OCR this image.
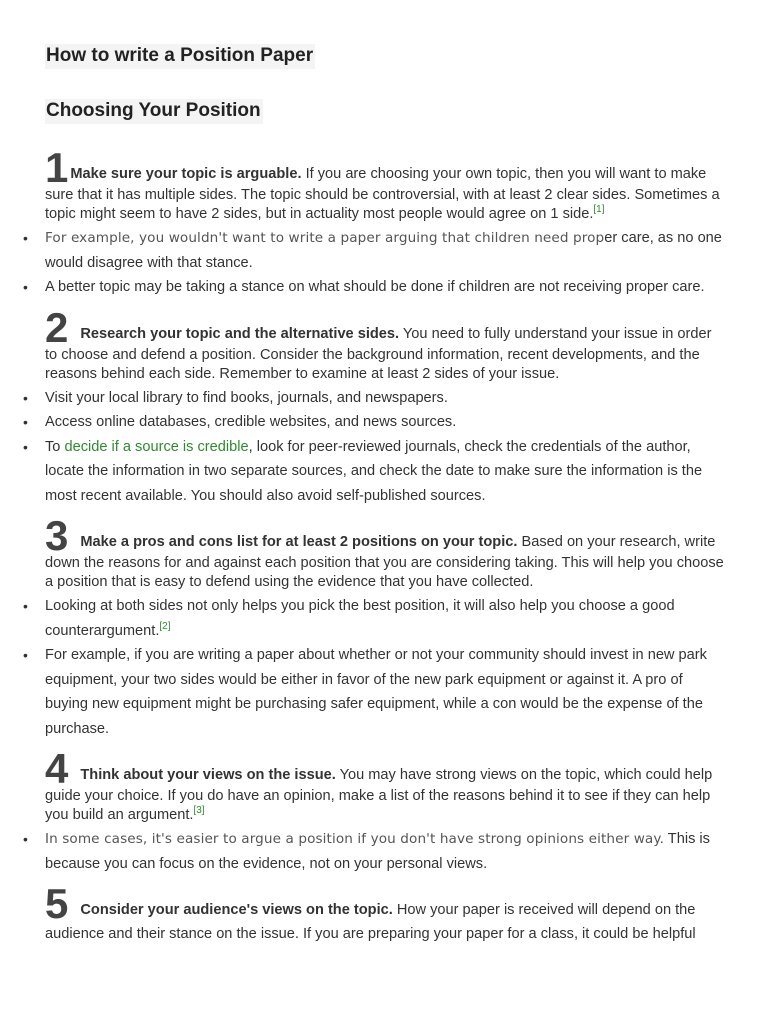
How to write a Position Paper
Choosing Your Position

1 Make sure your topic is arguable. If you are choosing your own topic, then you will want to make sure that it has multiple sides. The topic should be controversial, with at least 2 clear sides. Sometimes a topic might seem to have 2 sides, but in actuality most people would agree on 1 side.[1]

• For example, you wouldn't want to write a paper arguing that children need proper care, as no one would disagree with that stance.
• A better topic may be taking a stance on what should be done if children are not receiving proper care.

2 Research your topic and the alternative sides. You need to fully understand your issue in order to choose and defend a position. Consider the background information, recent developments, and the reasons behind each side. Remember to examine at least 2 sides of your issue.

• Visit your local library to find books, journals, and newspapers.
• Access online databases, credible websites, and news sources.
• To decide if a source is credible, look for peer-reviewed journals, check the credentials of the author, locate the information in two separate sources, and check the date to make sure the information is the most recent available. You should also avoid self-published sources.

3 Make a pros and cons list for at least 2 positions on your topic. Based on your research, write down the reasons for and against each position that you are considering taking. This will help you choose a position that is easy to defend using the evidence that you have collected.

• Looking at both sides not only helps you pick the best position, it will also help you choose a good counterargument.[2]
• For example, if you are writing a paper about whether or not your community should invest in new park equipment, your two sides would be either in favor of the new park equipment or against it. A pro of buying new equipment might be purchasing safer equipment, while a con would be the expense of the purchase.

4 Think about your views on the issue. You may have strong views on the topic, which could help guide your choice. If you do have an opinion, make a list of the reasons behind it to see if they can help you build an argument.[3]

• In some cases, it's easier to argue a position if you don't have strong opinions either way. This is because you can focus on the evidence, not on your personal views.

5 Consider your audience's views on the topic. How your paper is received will depend on the audience and their stance on the issue. If you are preparing your paper for a class, it could be helpful
